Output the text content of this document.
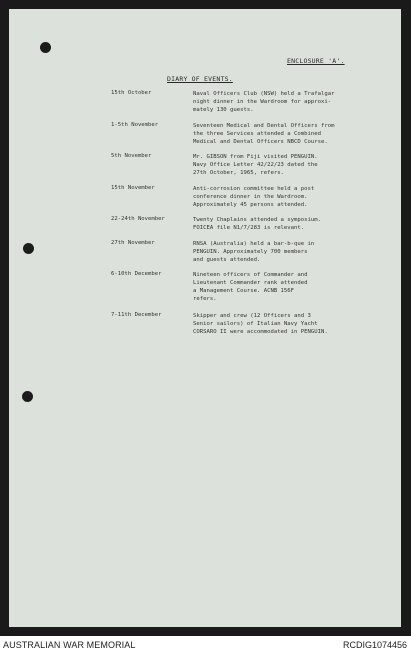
ENCLOSURE 'A'.
DIARY OF EVENTS.
15th October	Naval Officers Club (NSW) held a Trafalgar
night dinner in the Wardroom for approxi-
mately 130 guests.
1-5th November	Seventeen Medical and Dental Officers from
the three Services attended a Combined
Medical and Dental Officers NBCD Course.
5th November	Mr. GIBSON from Fiji visited PENGUIN.
Navy Office Letter 42/22/23 dated the
27th October, 1965, refers.
15th November	Anti-corrosion committee held a post
conference dinner in the Wardroom.
Approximately 45 persons attended.
22-24th November	Twenty Chaplains attended a symposium.
FOICEA file N1/7/283 is relevant.
27th November	RNSA (Australia) held a bar-b-que in
PENGUIN. Approximately 700 members
and guests attended.
6-10th December	Nineteen officers of Commander and
Lieutenant Commander rank attended
a Management Course. ACNB 156F
refers.
7-11th December	Skipper and crew (12 Officers and 3
Senior sailors) of Italian Navy Yacht
CORSARO II were accommodated in PENGUIN.
AUSTRALIAN WAR MEMORIAL	RCDIG1074456
